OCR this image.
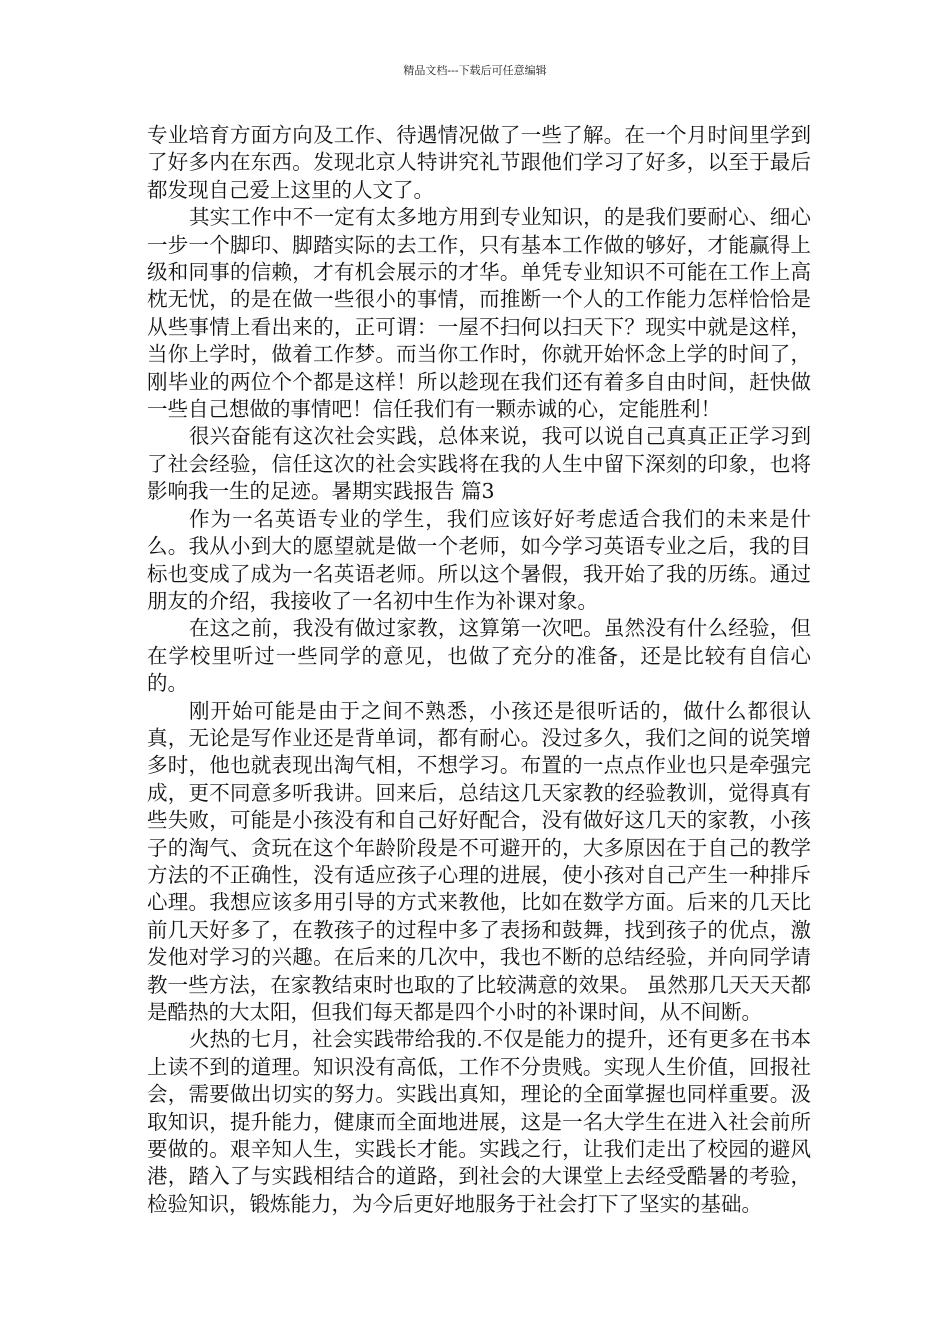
精品文档---下载后可任意编辑

专业培育方面方向及工作、待遇情况做了一些了解。在一个月时间里学到了好多内在东西。发现北京人特讲究礼节跟他们学习了好多，以至于最后都发现自己爱上这里的人文了。

其实工作中不一定有太多地方用到专业知识，的是我们要耐心、细心一步一个脚印、脚踏实际的去工作，只有基本工作做的够好，才能赢得上级和同事的信赖，才有机会展示的才华。单凭专业知识不可能在工作上高枕无忧，的是在做一些很小的事情，而推断一个人的工作能力怎样恰恰是从些事情上看出来的，正可谓：一屋不扫何以扫天下？现实中就是这样，当你上学时，做着工作梦。而当你工作时，你就开始怀念上学的时间了，刚毕业的两位个个都是这样！所以趁现在我们还有着多自由时间，赶快做一些自己想做的事情吧！信任我们有一颗赤诚的心，定能胜利！

很兴奋能有这次社会实践，总体来说，我可以说自己真真正正学习到了社会经验，信任这次的社会实践将在我的人生中留下深刻的印象，也将影响我一生的足迹。暑期实践报告 篇3

作为一名英语专业的学生，我们应该好好考虑适合我们的未来是什么。我从小到大的愿望就是做一个老师，如今学习英语专业之后，我的目标也变成了成为一名英语老师。所以这个暑假，我开始了我的历练。通过朋友的介绍，我接收了一名初中生作为补课对象。

在这之前，我没有做过家教，这算第一次吧。虽然没有什么经验，但在学校里听过一些同学的意见，也做了充分的准备，还是比较有自信心的。

刚开始可能是由于之间不熟悉，小孩还是很听话的，做什么都很认真，无论是写作业还是背单词，都有耐心。没过多久，我们之间的说笑增多时，他也就表现出淘气相，不想学习。布置的一点点作业也只是牵强完成，更不同意多听我讲。回来后，总结这几天家教的经验教训，觉得真有些失败，可能是小孩没有和自己好好配合，没有做好这几天的家教，小孩子的淘气、贪玩在这个年龄阶段是不可避开的，大多原因在于自己的教学方法的不正确性，没有适应孩子心理的进展，使小孩对自己产生一种排斥心理。我想应该多用引导的方式来教他，比如在数学方面。后来的几天比前几天好多了，在教孩子的过程中多了表扬和鼓舞，找到孩子的优点，激发他对学习的兴趣。在后来的几次中，我也不断的总结经验，并向同学请教一些方法，在家教结束时也取的了比较满意的效果。 虽然那几天天天都是酷热的大太阳，但我们每天都是四个小时的补课时间，从不间断。

火热的七月，社会实践带给我的.不仅是能力的提升，还有更多在书本上读不到的道理。知识没有高低，工作不分贵贱。实现人生价值，回报社会，需要做出切实的努力。实践出真知，理论的全面掌握也同样重要。汲取知识，提升能力，健康而全面地进展，这是一名大学生在进入社会前所要做的。艰辛知人生，实践长才能。实践之行，让我们走出了校园的避风港，踏入了与实践相结合的道路，到社会的大课堂上去经受酷暑的考验，检验知识，锻炼能力，为今后更好地服务于社会打下了坚实的基础。
